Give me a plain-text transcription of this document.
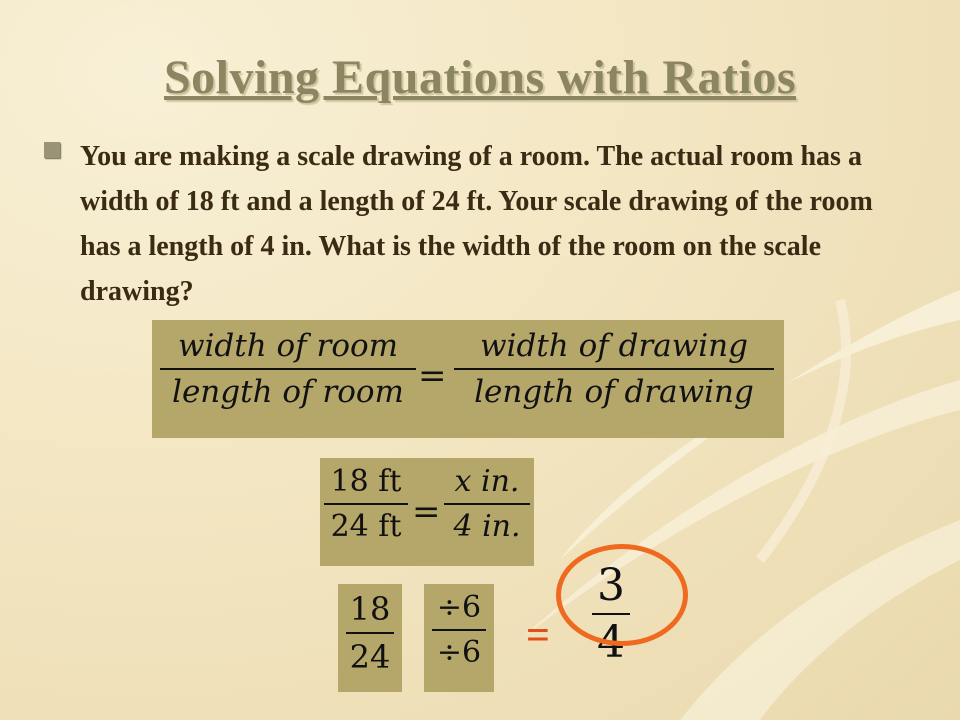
Solving Equations with Ratios
You are making a scale drawing of a room. The actual room has a width of 18 ft and a length of 24 ft. Your scale drawing of the room has a length of 4 in. What is the width of the room on the scale drawing?
width of room
length of room =
width of drawing
length of drawing
18 ft
24 ft =
x in.
4 in.
18
24
÷6
÷6	=
3
4
